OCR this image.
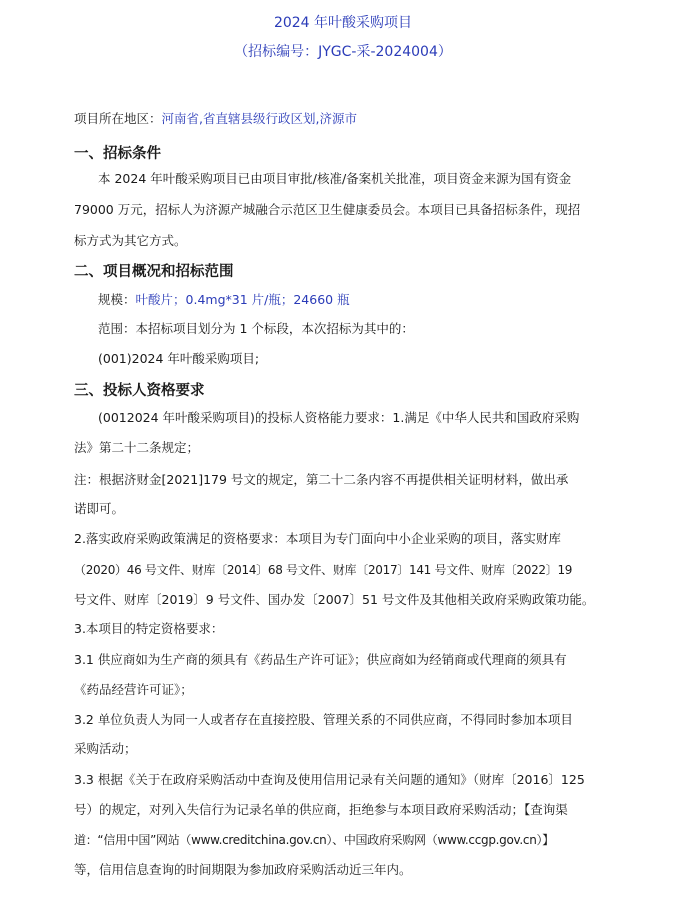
2024 年叶酸采购项目
（招标编号：JYGC-采-2024004）
项目所在地区：河南省,省直辖县级行政区划,济源市
一、招标条件
本 2024 年叶酸采购项目已由项目审批/核准/备案机关批准，项目资金来源为国有资金
79000 万元，招标人为济源产城融合示范区卫生健康委员会。本项目已具备招标条件，现招
标方式为其它方式。
二、项目概况和招标范围
规模：叶酸片；0.4mg*31 片/瓶；24660 瓶
范围：本招标项目划分为 1 个标段，本次招标为其中的：
(001)2024 年叶酸采购项目;
三、投标人资格要求
(0012024 年叶酸采购项目)的投标人资格能力要求：1.满足《中华人民共和国政府采购
法》第二十二条规定；
注：根据济财金[2021]179 号文的规定，第二十二条内容不再提供相关证明材料，做出承
诺即可。
2.落实政府采购政策满足的资格要求：本项目为专门面向中小企业采购的项目，落实财库
（2020）46 号文件、财库〔2014〕68 号文件、财库〔2017〕141 号文件、财库〔2022〕19
号文件、财库〔2019〕9 号文件、国办发〔2007〕51 号文件及其他相关政府采购政策功能。
3.本项目的特定资格要求：
3.1 供应商如为生产商的须具有《药品生产许可证》；供应商如为经销商或代理商的须具有
《药品经营许可证》；
3.2 单位负责人为同一人或者存在直接控股、管理关系的不同供应商，不得同时参加本项目
采购活动；
3.3 根据《关于在政府采购活动中查询及使用信用记录有关问题的通知》（财库〔2016〕125
号）的规定，对列入失信行为记录名单的供应商，拒绝参与本项目政府采购活动；【查询渠
道：“信用中国”网站（www.creditchina.gov.cn）、中国政府采购网（www.ccgp.gov.cn）】
等，信用信息查询的时间期限为参加政府采购活动近三年内。
